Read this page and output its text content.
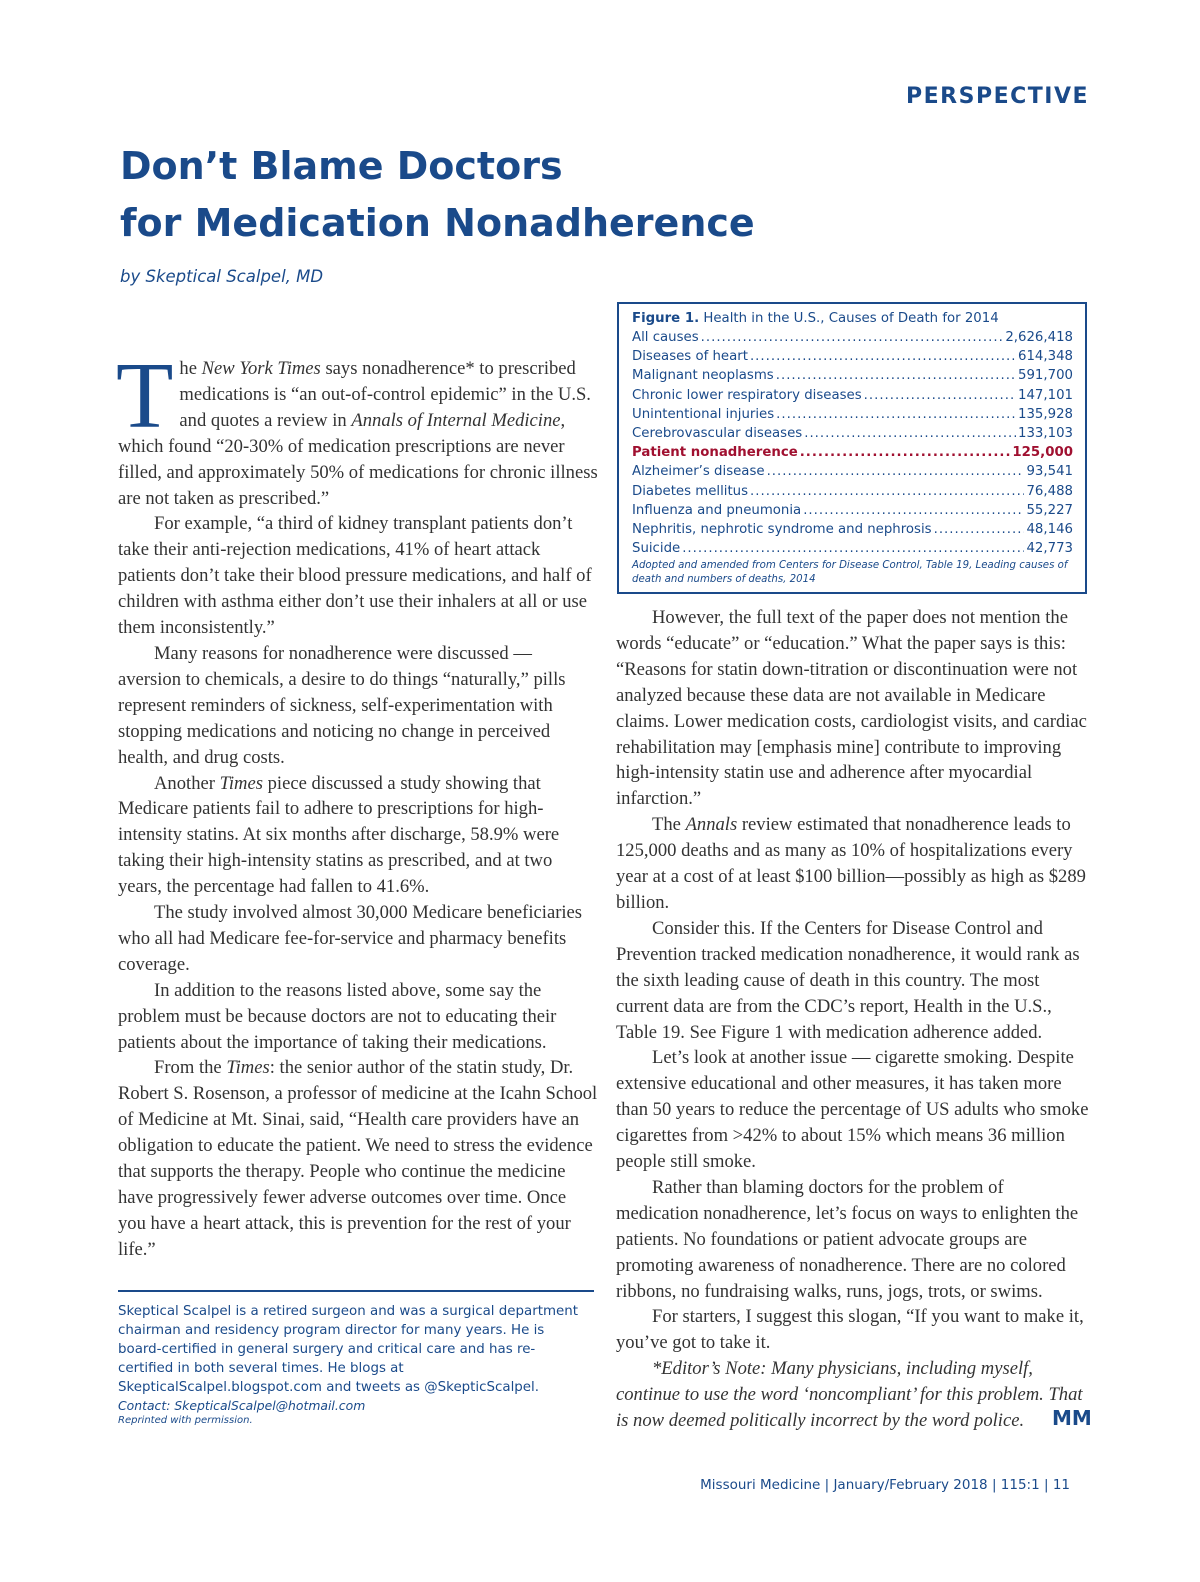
PERSPECTIVE
Don’t Blame Doctors
for Medication Nonadherence
by Skeptical Scalpel, MD

The New York Times says nonadherence* to prescribed medications is “an out-of-control epidemic” in the U.S. and quotes a review in Annals of Internal Medicine, which found “20-30% of medication prescriptions are never filled, and approximately 50% of medications for chronic illness are not taken as prescribed.”

For example, “a third of kidney transplant patients don’t take their anti-rejection medications, 41% of heart attack patients don’t take their blood pressure medications, and half of children with asthma either don’t use their inhalers at all or use them inconsistently.”

Many reasons for nonadherence were discussed — aversion to chemicals, a desire to do things “naturally,” pills represent reminders of sickness, self-experimentation with stopping medications and noticing no change in perceived health, and drug costs.

Another Times piece discussed a study showing that Medicare patients fail to adhere to prescriptions for high-intensity statins. At six months after discharge, 58.9% were taking their high-intensity statins as prescribed, and at two years, the percentage had fallen to 41.6%.

The study involved almost 30,000 Medicare beneficiaries who all had Medicare fee-for-service and pharmacy benefits coverage.

In addition to the reasons listed above, some say the problem must be because doctors are not to educating their patients about the importance of taking their medications.

From the Times: the senior author of the statin study, Dr. Robert S. Rosenson, a professor of medicine at the Icahn School of Medicine at Mt. Sinai, said, “Health care providers have an obligation to educate the patient. We need to stress the evidence that supports the therapy. People who continue the medicine have progressively fewer adverse outcomes over time. Once you have a heart attack, this is prevention for the rest of your life.”

Figure 1. Health in the U.S., Causes of Death for 2014
All causes .....	2,626,418
Diseases of heart .....	614,348
Malignant neoplasms .....	591,700
Chronic lower respiratory diseases .....	147,101
Unintentional injuries .....	135,928
Cerebrovascular diseases .....	133,103
Patient nonadherence .....	125,000
Alzheimer’s disease .....	93,541
Diabetes mellitus .....	76,488
Influenza and pneumonia .....	55,227
Nephritis, nephrotic syndrome and nephrosis .....	48,146
Suicide .....	42,773
Adopted and amended from Centers for Disease Control, Table 19, Leading causes of death and numbers of deaths, 2014

However, the full text of the paper does not mention the words “educate” or “education.” What the paper says is this: “Reasons for statin down-titration or discontinuation were not analyzed because these data are not available in Medicare claims. Lower medication costs, cardiologist visits, and cardiac rehabilitation may [emphasis mine] contribute to improving high-intensity statin use and adherence after myocardial infarction.”

The Annals review estimated that nonadherence leads to 125,000 deaths and as many as 10% of hospitalizations every year at a cost of at least $100 billion—possibly as high as $289 billion.

Consider this. If the Centers for Disease Control and Prevention tracked medication nonadherence, it would rank as the sixth leading cause of death in this country. The most current data are from the CDC’s report, Health in the U.S., Table 19. See Figure 1 with medication adherence added.

Let’s look at another issue — cigarette smoking. Despite extensive educational and other measures, it has taken more than 50 years to reduce the percentage of US adults who smoke cigarettes from >42% to about 15% which means 36 million people still smoke.

Rather than blaming doctors for the problem of medication nonadherence, let’s focus on ways to enlighten the patients. No foundations or patient advocate groups are promoting awareness of nonadherence. There are no colored ribbons, no fundraising walks, runs, jogs, trots, or swims.

For starters, I suggest this slogan, “If you want to make it, you’ve got to take it.

*Editor’s Note: Many physicians, including myself, continue to use the word ‘noncompliant’ for this problem. That is now deemed politically incorrect by the word police.	MM
Skeptical Scalpel is a retired surgeon and was a surgical department chairman and residency program director for many years. He is board-certified in general surgery and critical care and has re-certified in both several times. He blogs at SkepticalScalpel.blogspot.com and tweets as @SkepticScalpel.
Contact: SkepticalScalpel@hotmail.com
Reprinted with permission.
Missouri Medicine | January/February 2018 | 115:1 | 11
